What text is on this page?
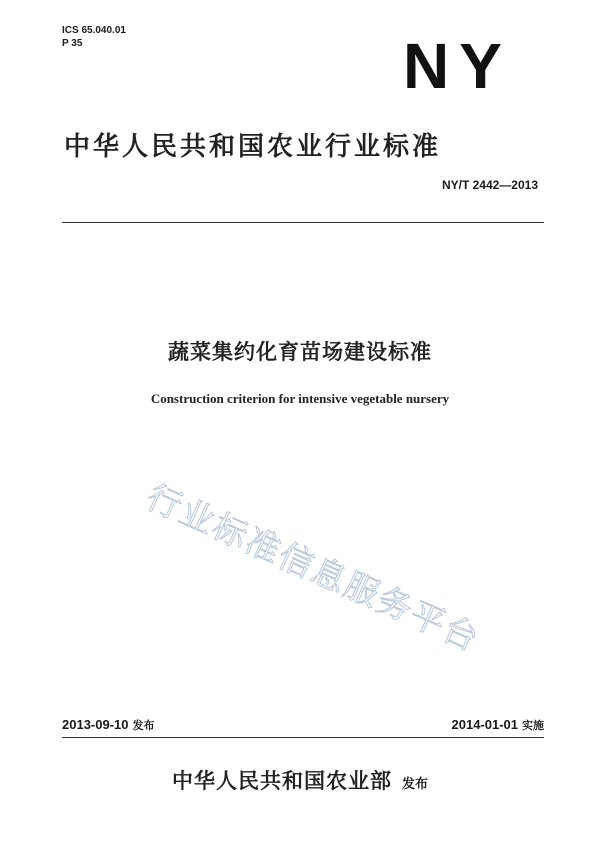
ICS 65.040.01
P 35	NY
中华人民共和国农业行业标准
NY/T 2442—2013
蔬菜集约化育苗场建设标准
Construction criterion for intensive vegetable nursery
行业标准信息服务平台
2013-09-10 发布	2014-01-01 实施
中华人民共和国农业部 发布
